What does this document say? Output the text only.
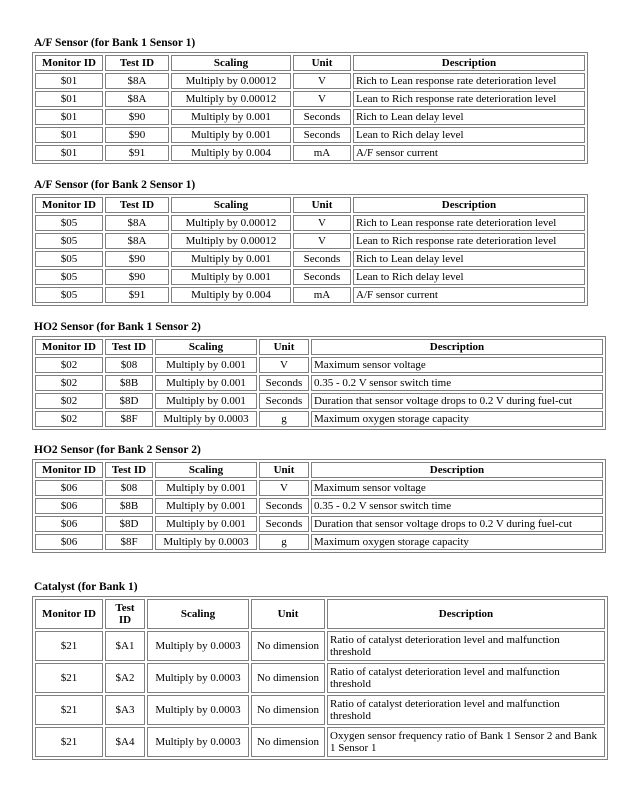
A/F Sensor (for Bank 1 Sensor 1)
Monitor ID	Test ID	Scaling	Unit	Description
$01	$8A	Multiply by 0.00012	V	Rich to Lean response rate deterioration level
$01	$8A	Multiply by 0.00012	V	Lean to Rich response rate deterioration level
$01	$90	Multiply by 0.001	Seconds	Rich to Lean delay level
$01	$90	Multiply by 0.001	Seconds	Lean to Rich delay level
$01	$91	Multiply by 0.004	mA	A/F sensor current
A/F Sensor (for Bank 2 Sensor 1)
Monitor ID	Test ID	Scaling	Unit	Description
$05	$8A	Multiply by 0.00012	V	Rich to Lean response rate deterioration level
$05	$8A	Multiply by 0.00012	V	Lean to Rich response rate deterioration level
$05	$90	Multiply by 0.001	Seconds	Rich to Lean delay level
$05	$90	Multiply by 0.001	Seconds	Lean to Rich delay level
$05	$91	Multiply by 0.004	mA	A/F sensor current
HO2 Sensor (for Bank 1 Sensor 2)
Monitor ID	Test ID	Scaling	Unit	Description
$02	$08	Multiply by 0.001	V	Maximum sensor voltage
$02	$8B	Multiply by 0.001	Seconds	0.35 - 0.2 V sensor switch time
$02	$8D	Multiply by 0.001	Seconds	Duration that sensor voltage drops to 0.2 V during fuel-cut
$02	$8F	Multiply by 0.0003	g	Maximum oxygen storage capacity
HO2 Sensor (for Bank 2 Sensor 2)
Monitor ID	Test ID	Scaling	Unit	Description
$06	$08	Multiply by 0.001	V	Maximum sensor voltage
$06	$8B	Multiply by 0.001	Seconds	0.35 - 0.2 V sensor switch time
$06	$8D	Multiply by 0.001	Seconds	Duration that sensor voltage drops to 0.2 V during fuel-cut
$06	$8F	Multiply by 0.0003	g	Maximum oxygen storage capacity
Catalyst (for Bank 1)
Monitor ID	Test ID	Scaling	Unit	Description
$21	$A1	Multiply by 0.0003	No dimension	Ratio of catalyst deterioration level and malfunction threshold
$21	$A2	Multiply by 0.0003	No dimension	Ratio of catalyst deterioration level and malfunction threshold
$21	$A3	Multiply by 0.0003	No dimension	Ratio of catalyst deterioration level and malfunction threshold
$21	$A4	Multiply by 0.0003	No dimension	Oxygen sensor frequency ratio of Bank 1 Sensor 2 and Bank 1 Sensor 1
